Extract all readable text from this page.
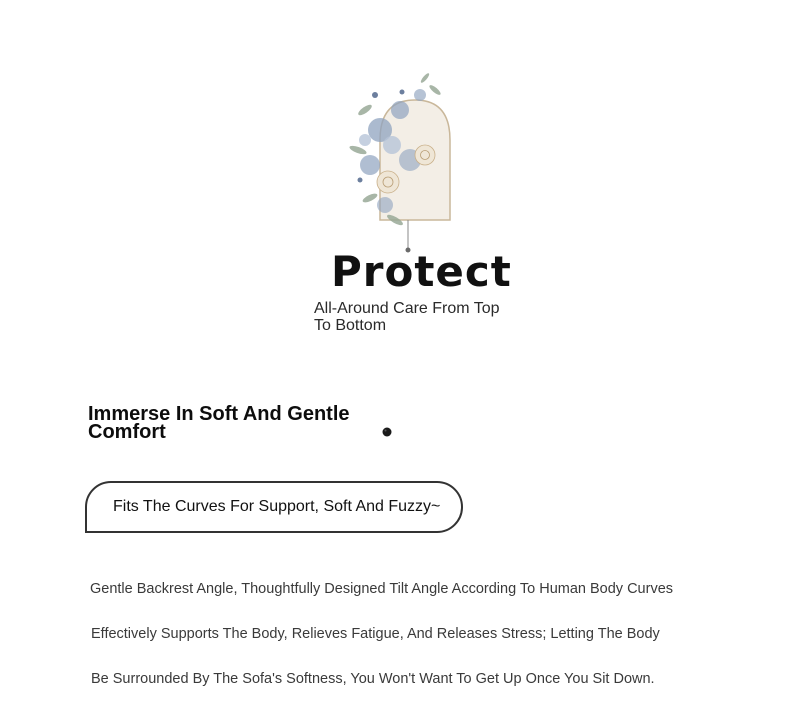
Protect

All-Around Care From Top To Bottom

Immerse In Soft And Gentle Comfort
Fits The Curves For Support, Soft And Fuzzy~

Gentle Backrest Angle, Thoughtfully Designed Tilt Angle According To Human Body Curves

Effectively Supports The Body, Relieves Fatigue, And Releases Stress; Letting The Body

Be Surrounded By The Sofa's Softness, You Won't Want To Get Up Once You Sit Down.
